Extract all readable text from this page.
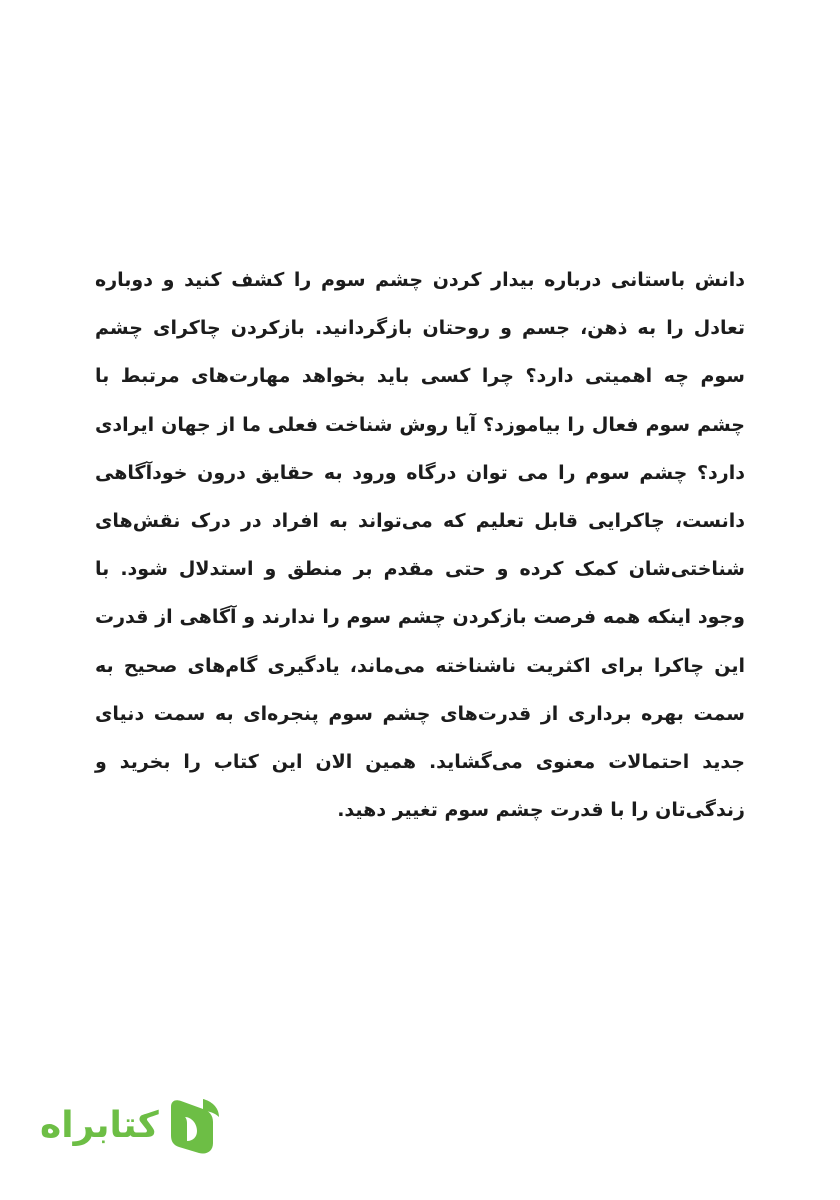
دانش باستانی درباره بیدار کردن چشم سوم را کشف کنید و دوباره تعادل را به ذهن، جسم و روحتان بازگردانید. بازکردن چاکرای چشم سوم چه اهمیتی دارد؟ چرا کسی باید بخواهد مهارت‌های مرتبط با چشم سوم فعال را بیاموزد؟ آیا روش شناخت فعلی ما از جهان ایرادی دارد؟ چشم سوم را می توان درگاه ورود به حقایق درون خودآگاهی دانست، چاکرایی قابل تعلیم که می‌تواند به افراد در درک نقش‌های شناختی‌شان کمک کرده و حتی مقدم بر منطق و استدلال شود. با وجود اینکه همه فرصت بازکردن چشم سوم را ندارند و آگاهی از قدرت این چاکرا برای اکثریت ناشناخته می‌ماند، یادگیری گام‌های صحیح به سمت بهره برداری از قدرت‌های چشم سوم پنجره‌ای به سمت دنیای جدید احتمالات معنوی می‌گشاید. همین الان این کتاب را بخرید و زندگی‌تان را با قدرت چشم سوم تغییر دهید.

کتابراه
